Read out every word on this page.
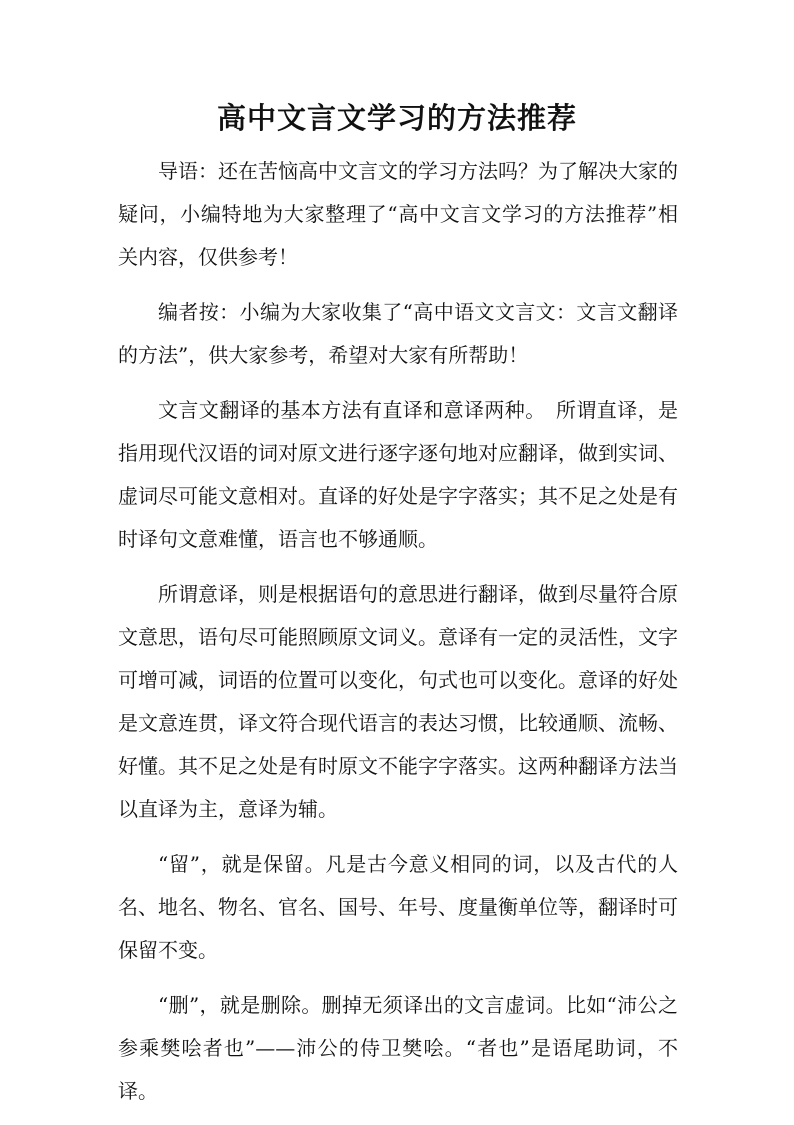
高中文言文学习的方法推荐

导语：还在苦恼高中文言文的学习方法吗？为了解决大家的疑问，小编特地为大家整理了“高中文言文学习的方法推荐”相关内容，仅供参考！

编者按：小编为大家收集了“高中语文文言文：文言文翻译的方法”，供大家参考，希望对大家有所帮助！

文言文翻译的基本方法有直译和意译两种。　所谓直译，是指用现代汉语的词对原文进行逐字逐句地对应翻译，做到实词、虚词尽可能文意相对。直译的好处是字字落实；其不足之处是有时译句文意难懂，语言也不够通顺。

所谓意译，则是根据语句的意思进行翻译，做到尽量符合原文意思，语句尽可能照顾原文词义。意译有一定的灵活性，文字可增可减，词语的位置可以变化，句式也可以变化。意译的好处是文意连贯，译文符合现代语言的表达习惯，比较通顺、流畅、好懂。其不足之处是有时原文不能字字落实。这两种翻译方法当以直译为主，意译为辅。

“留”，就是保留。凡是古今意义相同的词，以及古代的人名、地名、物名、官名、国号、年号、度量衡单位等，翻译时可保留不变。

“删”，就是删除。删掉无须译出的文言虚词。比如“沛公之参乘樊哙者也”——沛公的侍卫樊哙。“者也”是语尾助词，不译。
